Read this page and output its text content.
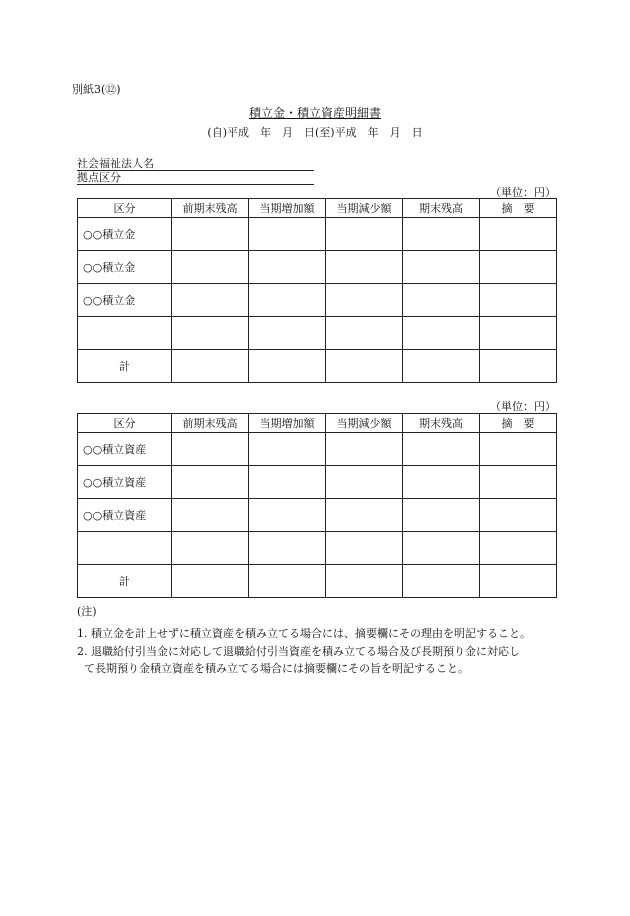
別紙3(⑫)
積立金・積立資産明細書
(自)平成　年　月　日(至)平成　年　月　日
社会福祉法人名
拠点区分
（単位：円）
区分	前期末残高	当期増加額	当期減少額	期末残高	摘　要
○○積立金					
○○積立金					
○○積立金					

計					
（単位：円）
区分	前期末残高	当期増加額	当期減少額	期末残高	摘　要
○○積立資産					
○○積立資産					
○○積立資産					

計					
(注)
1. 積立金を計上せずに積立資産を積み立てる場合には、摘要欄にその理由を明記すること。
2. 退職給付引当金に対応して退職給付引当資産を積み立てる場合及び長期預り金に対応し
て長期預り金積立資産を積み立てる場合には摘要欄にその旨を明記すること。
